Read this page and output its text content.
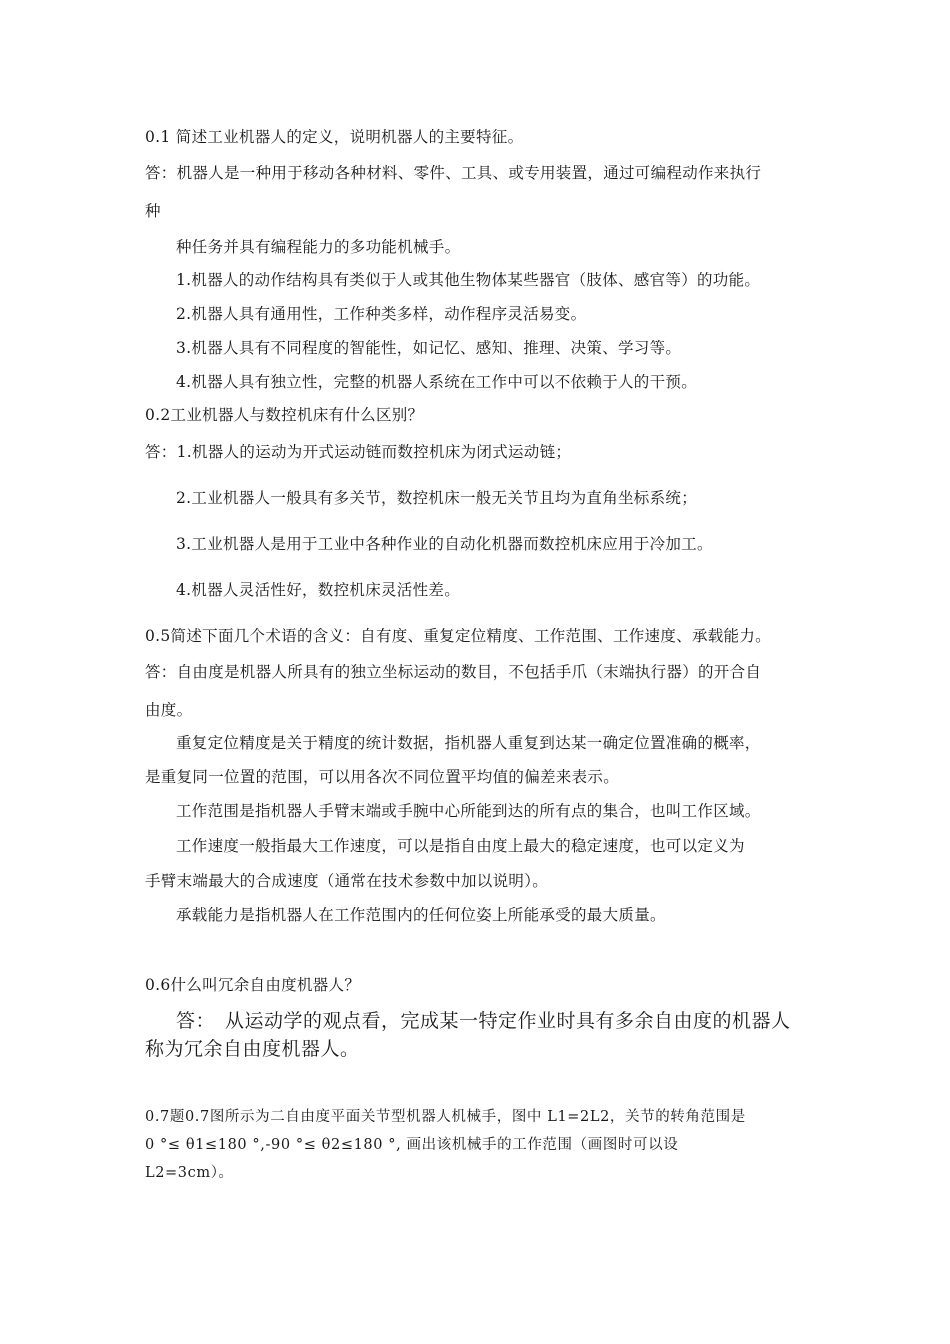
0.1 简述工业机器人的定义，说明机器人的主要特征。
答：机器人是一种用于移动各种材料、零件、工具、或专用装置，通过可编程动作来执行
种
种任务并具有编程能力的多功能机械手。
1.机器人的动作结构具有类似于人或其他生物体某些器官（肢体、感官等）的功能。
2.机器人具有通用性，工作种类多样，动作程序灵活易变。
3.机器人具有不同程度的智能性，如记忆、感知、推理、决策、学习等。
4.机器人具有独立性，完整的机器人系统在工作中可以不依赖于人的干预。
0.2工业机器人与数控机床有什么区别？
答：1.机器人的运动为开式运动链而数控机床为闭式运动链；
2.工业机器人一般具有多关节，数控机床一般无关节且均为直角坐标系统；
3.工业机器人是用于工业中各种作业的自动化机器而数控机床应用于冷加工。
4.机器人灵活性好，数控机床灵活性差。
0.5简述下面几个术语的含义：自有度、重复定位精度、工作范围、工作速度、承载能力。
答：自由度是机器人所具有的独立坐标运动的数目，不包括手爪（末端执行器）的开合自
由度。
重复定位精度是关于精度的统计数据，指机器人重复到达某一确定位置准确的概率，
是重复同一位置的范围，可以用各次不同位置平均值的偏差来表示。
工作范围是指机器人手臂末端或手腕中心所能到达的所有点的集合，也叫工作区域。
工作速度一般指最大工作速度，可以是指自由度上最大的稳定速度，也可以定义为
手臂末端最大的合成速度（通常在技术参数中加以说明）。
承载能力是指机器人在工作范围内的任何位姿上所能承受的最大质量。
0.6什么叫冗余自由度机器人？
答：　从运动学的观点看，完成某一特定作业时具有多余自由度的机器人
称为冗余自由度机器人。
0.7题0.7图所示为二自由度平面关节型机器人机械手，图中 L1=2L2，关节的转角范围是
0 °≤ θ1≤180 °,-90 °≤ θ2≤180 °, 画出该机械手的工作范围（画图时可以设
L2=3cm）。
